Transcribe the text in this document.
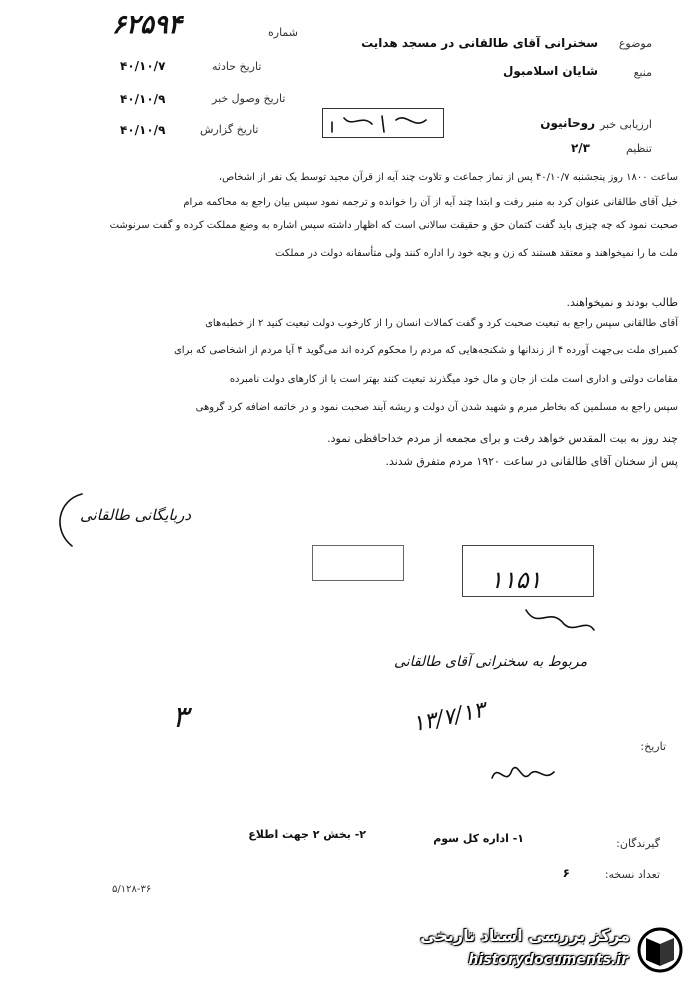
موضوع
سخنرانی آقای طالقانی در مسجد هدایت
منبع
شایان اسلامبول
ارزیابی خبر
روحانیون
تنظیم
۲/۳
۶۲۵۹۴	شماره
تاریخ حادثه
۴۰/۱۰/۷
تاریخ وصول خبر
۴۰/۱۰/۹
تاریخ گزارش
۴۰/۱۰/۹
ساعت ۱۸۰۰ روز پنجشنبه ۴۰/۱۰/۷ پس از نماز جماعت و تلاوت چند آیه از قرآن مجید توسط یک نفر از اشخاص،
خیل آقای طالقانی عنوان کرد به منبر رفت و ابتدا چند آیه از آن را خوانده و ترجمه نمود سپس بیان راجع به محاکمه مرام
صحبت نمود که چه چیزی باید گفت کتمان حق و حقیقت سالانی است که اظهار داشته سپس اشاره به وضع مملکت کرده و گفت سرنوشت
ملت ما را نمیخواهند و معتقد هستند که زن و بچه خود را اداره کنند ولی متأسفانه دولت در مملکت
طالب بودند و نمیخواهند.
آقای طالقانی سپس راجع به تبعیت صحبت کرد و گفت کمالات انسان را از کارخوب دولت تبعیت کنید ۲ از خطبه‌های
کمبرای ملت بی‌جهت آورده ۴ از زندانها و شکنجه‌هایی که مردم را محکوم کرده اند می‌گوید ۴ آیا مردم از اشخاصی که برای
مقامات دولتی و اداری است ملت از جان و مال خود میگذرند تبعیت کنند بهتر است یا از کارهای دولت نامبرده
سپس راجع به مسلمین که بخاطر مبرم و شهید شدن آن دولت و ریشه آیند صحبت نمود و در خاتمه اضافه کرد گروهی
چند روز به بیت المقدس خواهد رفت و برای مجمعه از مردم خداحافظی نمود.
پس از سخنان آقای طالقانی در ساعت ۱۹۲۰ مردم متفرق شدند.
دربایگانی طالقانی
۱۱۵۱
مربوط به سخنرانی آقای طالقانی
۱۳/۷/۱۳
۳
تاریخ:
گیرندگان:
۱- اداره کل سوم
۲- بخش ۲ جهت اطلاع
تعداد نسخه:
۶
۵/۱۲۸-۳۶
مرکز بررسی اسناد تاریخی
historydocuments.ir
